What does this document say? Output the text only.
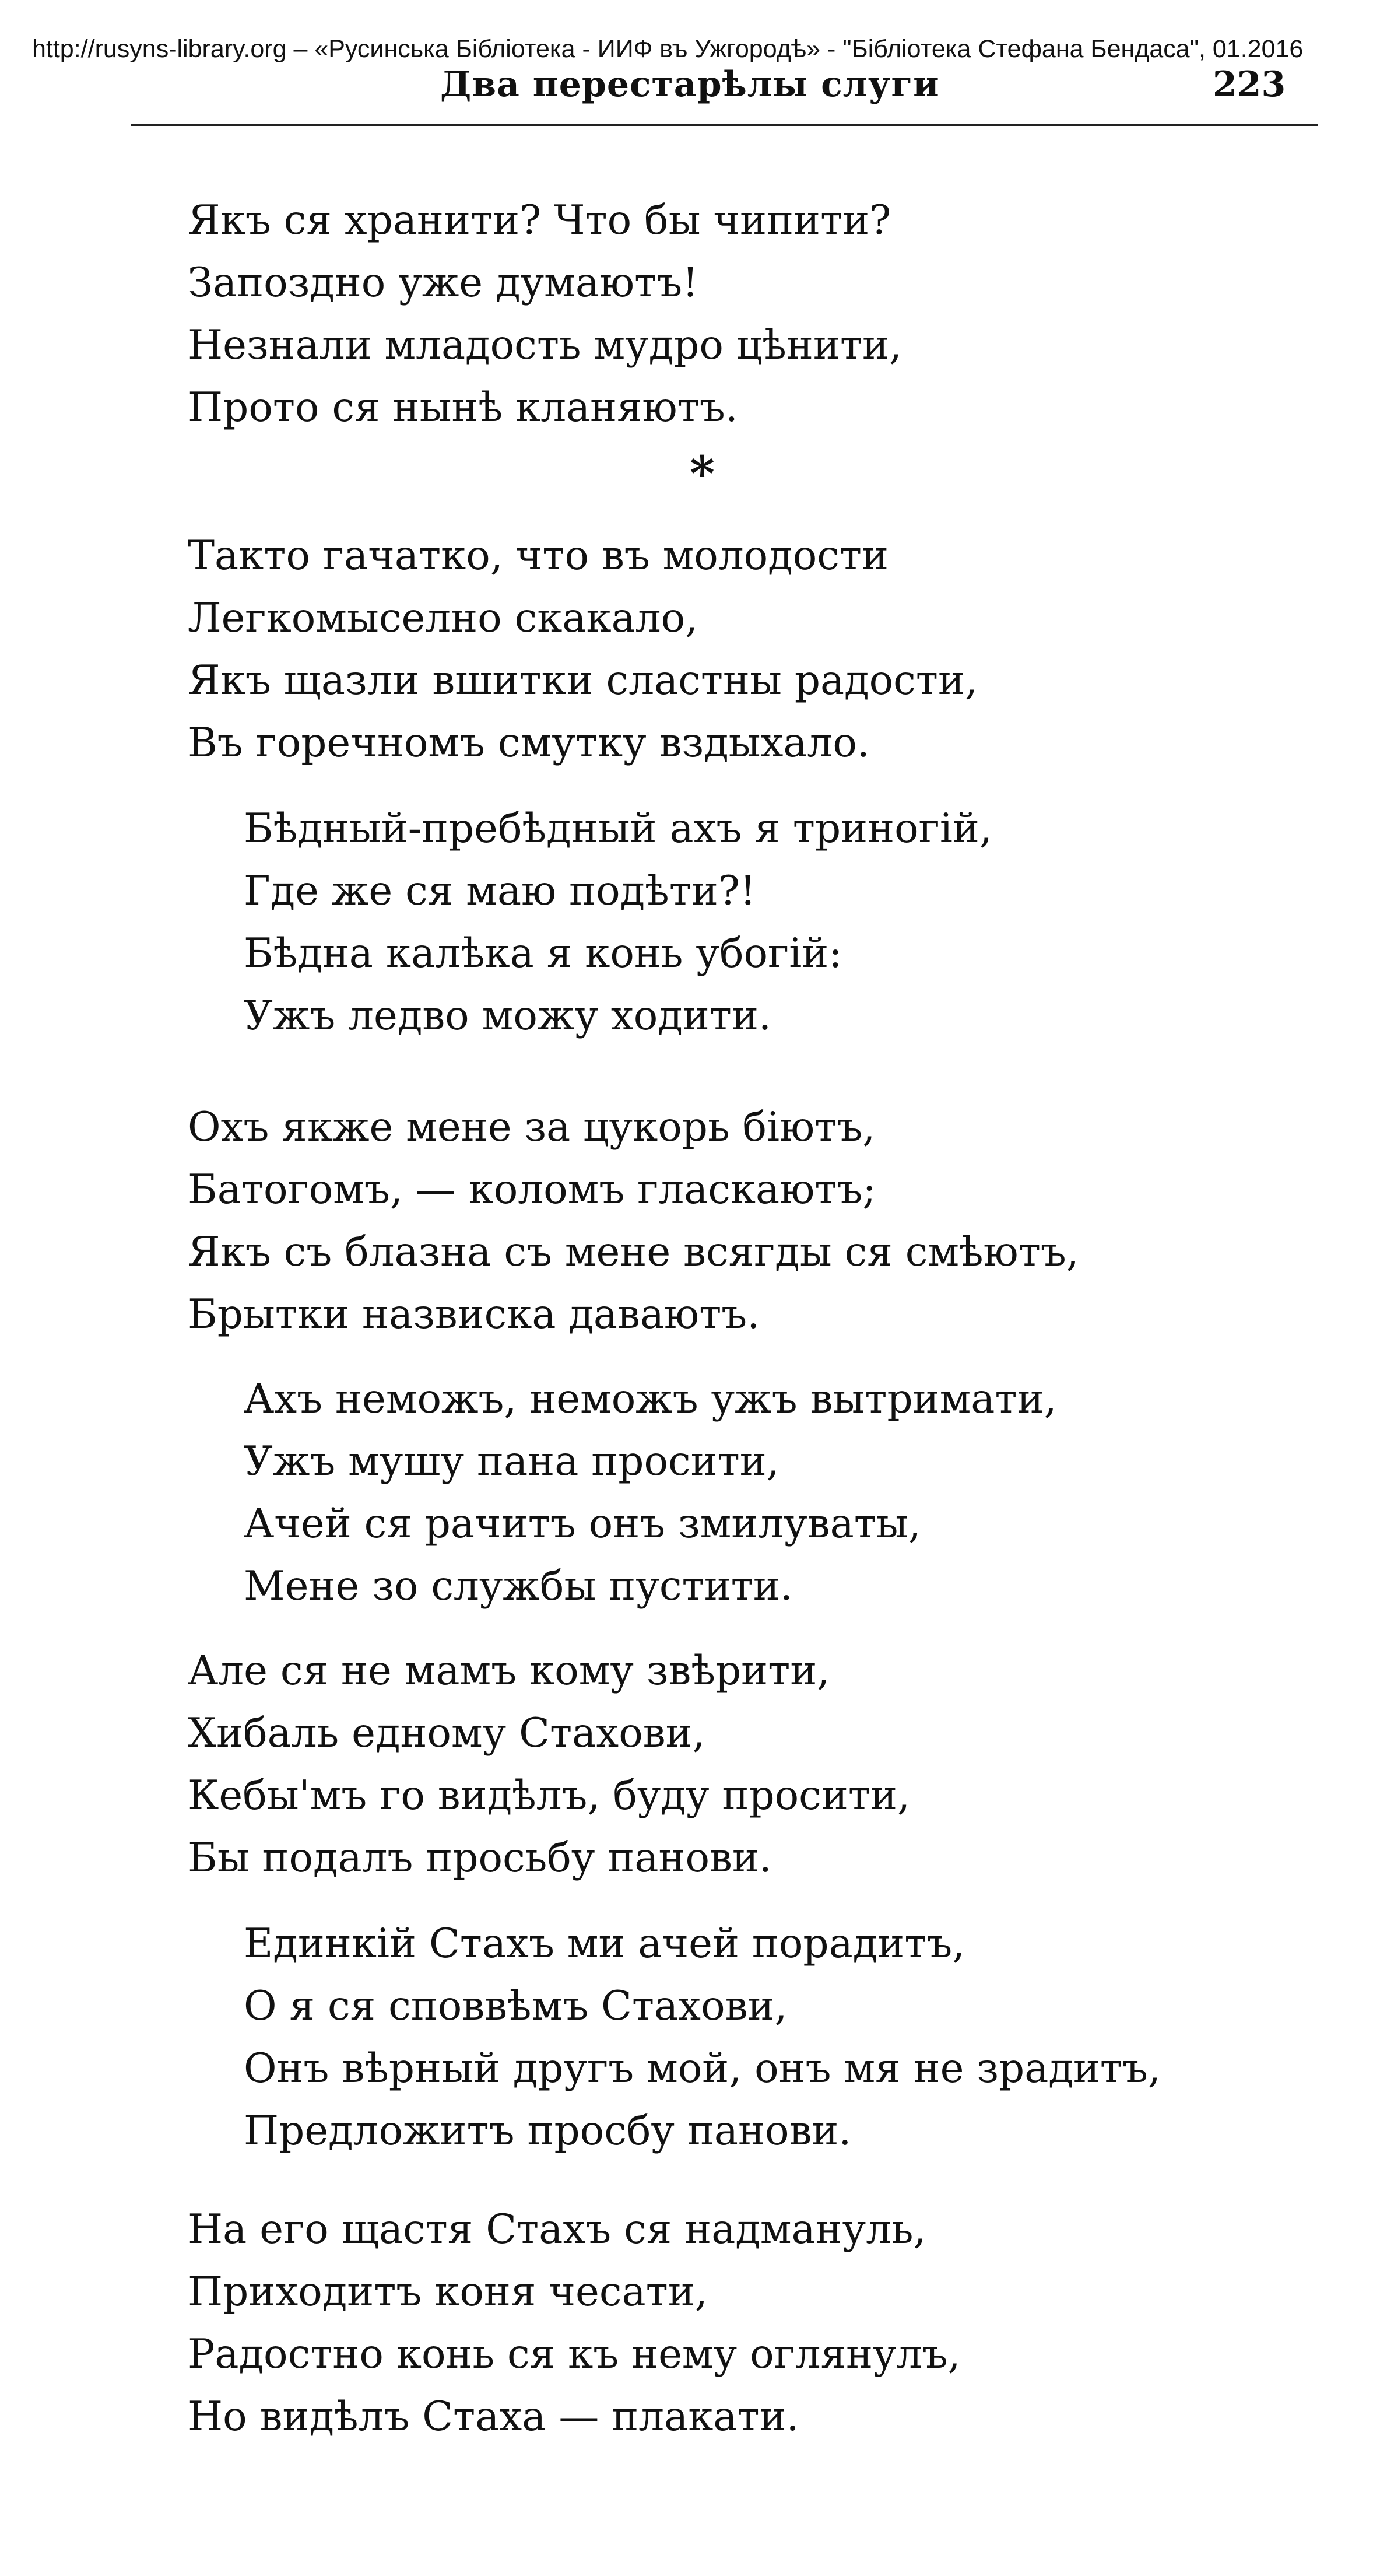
http://rusyns-library.org – «Русинська Бібліотека - ИИФ въ Ужгородѣ» - "Бібліотека Стефана Бендаса", 01.2016
Два перестарѣлы слуги	223
Якъ ся хранити? Что бы чипити?
Запоздно уже думаютъ!
Незнали младость мудро цѣнити,
Прото ся нынѣ кланяютъ.
*
Такто гачатко, что въ молодости
Легкомыселно скакало,
Якъ щазли вшитки сластны радости,
Въ горечномъ смутку вздыхало.
Бѣдный-пребѣдный ахъ я триногій,
Где же ся маю подѣти?!
Бѣдна калѣка я конь убогій:
Ужъ ледво можу ходити.
Охъ якже мене за цукорь біютъ,
Батогомъ, — коломъ гласкаютъ;
Якъ съ блазна съ мене всягды ся смѣютъ,
Брытки назвиска даваютъ.
Ахъ неможъ, неможъ ужъ вытримати,
Ужъ мушу пана просити,
Ачей ся рачитъ онъ змилуваты,
Мене зо службы пустити.
Але ся не мамъ кому звѣрити,
Хибаль едному Стахови,
Кебы'мъ го видѣлъ, буду просити,
Бы подалъ просьбу панови.
Единкій Стахъ ми ачей порадитъ,
О я ся споввѣмъ Стахови,
Онъ вѣрный другъ мой, онъ мя не зрадитъ,
Предложитъ просбу панови.
На его щастя Стахъ ся надмануль,
Приходитъ коня чесати,
Радостно конь ся къ нему оглянулъ,
Но видѣлъ Стаха — плакати.
